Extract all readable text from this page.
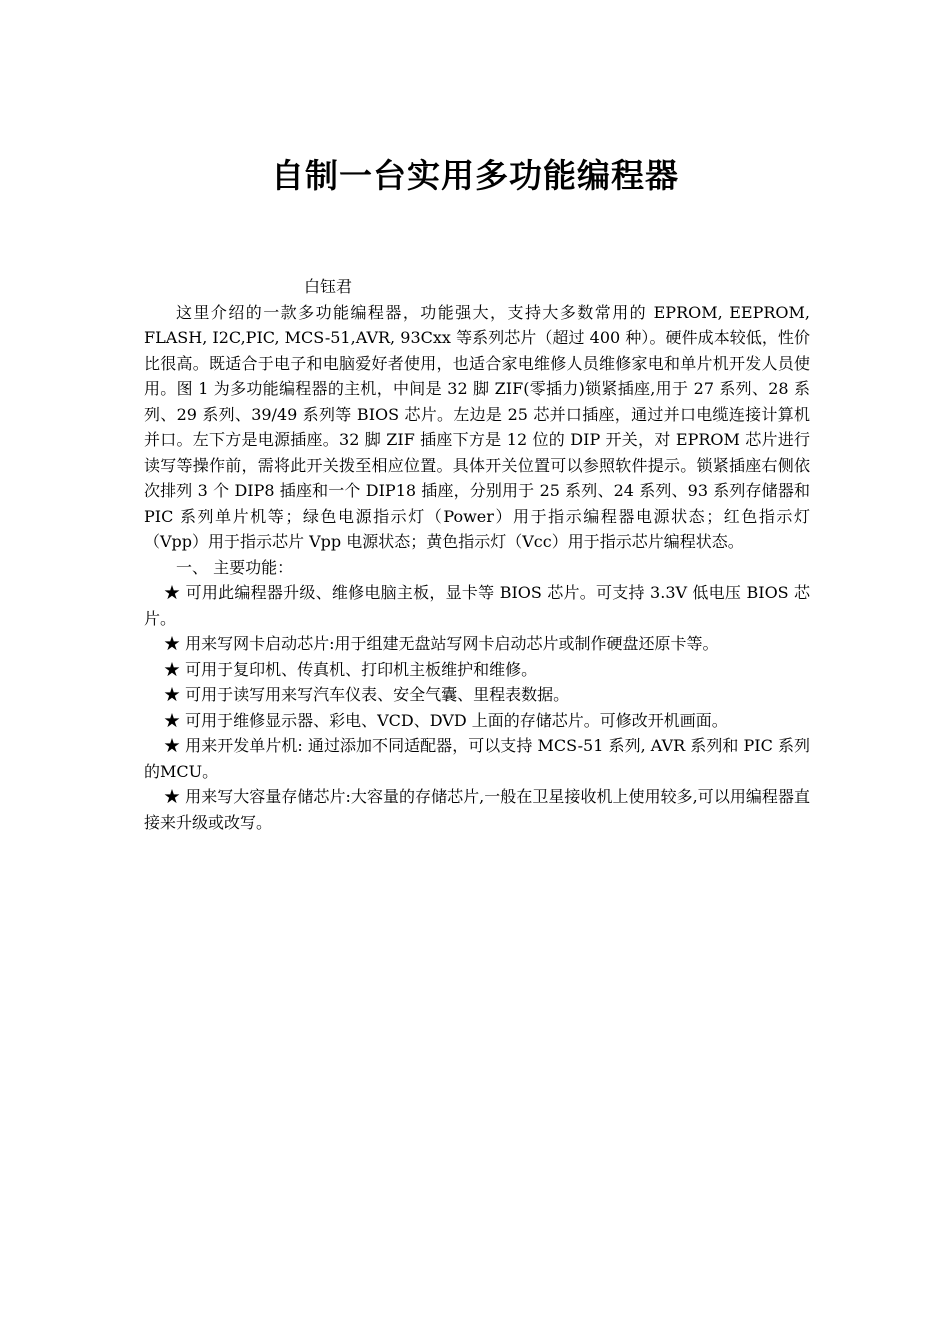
自制一台实用多功能编程器
白钰君
这里介绍的一款多功能编程器，功能强大，支持大多数常用的 EPROM, EEPROM, FLASH, I2C,PIC, MCS-51,AVR, 93Cxx 等系列芯片（超过 400 种）。硬件成本较低，性价比很高。既适合于电子和电脑爱好者使用，也适合家电维修人员维修家电和单片机开发人员使用。图 1 为多功能编程器的主机，中间是 32 脚 ZIF(零插力)锁紧插座,用于 27 系列、28 系列、29 系列、39/49 系列等 BIOS 芯片。左边是 25 芯并口插座，通过并口电缆连接计算机并口。左下方是电源插座。32 脚 ZIF 插座下方是 12 位的 DIP 开关，对 EPROM 芯片进行读写等操作前，需将此开关拨至相应位置。具体开关位置可以参照软件提示。锁紧插座右侧依次排列 3 个 DIP8 插座和一个 DIP18 插座，分别用于 25 系列、24 系列、93 系列存储器和 PIC 系列单片机等；绿色电源指示灯（Power）用于指示编程器电源状态；红色指示灯（Vpp）用于指示芯片 Vpp 电源状态；黄色指示灯（Vcc）用于指示芯片编程状态。
一、 主要功能：
★ 可用此编程器升级、维修电脑主板，显卡等 BIOS 芯片。可支持 3.3V 低电压 BIOS 芯片。
★ 用来写网卡启动芯片:用于组建无盘站写网卡启动芯片或制作硬盘还原卡等。
★ 可用于复印机、传真机、打印机主板维护和维修。
★ 可用于读写用来写汽车仪表、安全气囊、里程表数据。
★ 可用于维修显示器、彩电、VCD、DVD 上面的存储芯片。可修改开机画面。
★ 用来开发单片机: 通过添加不同适配器，可以支持 MCS-51 系列, AVR 系列和 PIC 系列的MCU。
★ 用来写大容量存储芯片:大容量的存储芯片,一般在卫星接收机上使用较多,可以用编程器直接来升级或改写。
